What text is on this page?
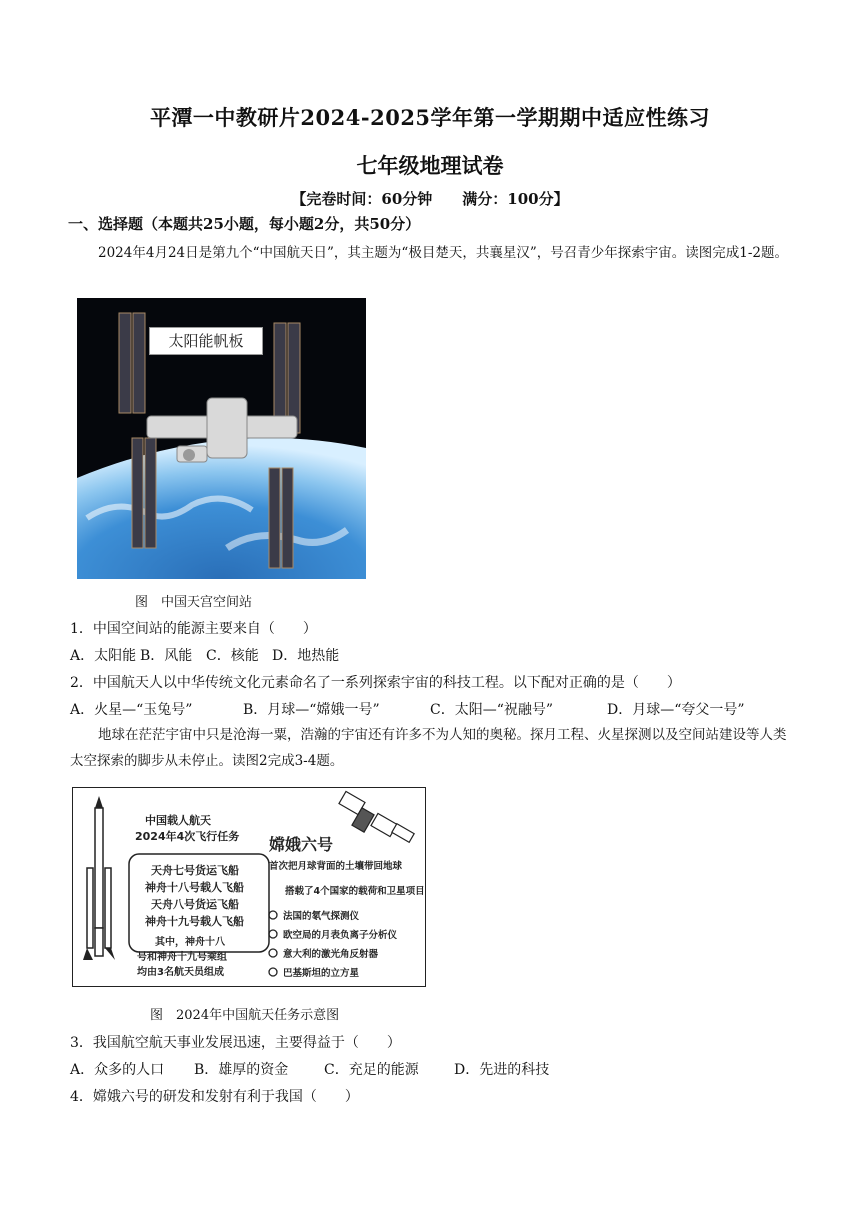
平潭一中教研片2024-2025学年第一学期期中适应性练习
七年级地理试卷
【完卷时间：60分钟　　满分：100分】
一、选择题（本题共25小题，每小题2分，共50分）
2024年4月24日是第九个“中国航天日”，其主题为“极目楚天，共襄星汉”，号召青少年探索宇宙。读图完成1-2题。
太阳能帆板
图　中国天宫空间站
1．中国空间站的能源主要来自（　　）
A．太阳能 B．风能 C．核能 D．地热能
2．中国航天人以中华传统文化元素命名了一系列探索宇宙的科技工程。以下配对正确的是（　　）
A．火星—“玉兔号”	B．月球—“嫦娥一号”	C．太阳—“祝融号”	D．月球—“夸父一号”
地球在茫茫宇宙中只是沧海一粟，浩瀚的宇宙还有许多不为人知的奥秘。探月工程、火星探测以及空间站建设等人类太空探索的脚步从未停止。读图2完成3-4题。
中国载人航天
2024年4次飞行任务
天舟七号货运飞船
神舟十八号载人飞船
天舟八号货运飞船
神舟十九号载人飞船
其中，神舟十八
号和神舟十九号乘组
均由3名航天员组成
嫦娥六号
首次把月球背面的土壤带回地球
搭载了4个国家的载荷和卫星项目
法国的氡气探测仪
欧空局的月表负离子分析仪
意大利的激光角反射器
巴基斯坦的立方星
图　2024年中国航天任务示意图
3．我国航空航天事业发展迅速，主要得益于（　　）
A．众多的人口	B．雄厚的资金	C．充足的能源	D．先进的科技
4．嫦娥六号的研发和发射有利于我国（　　）
